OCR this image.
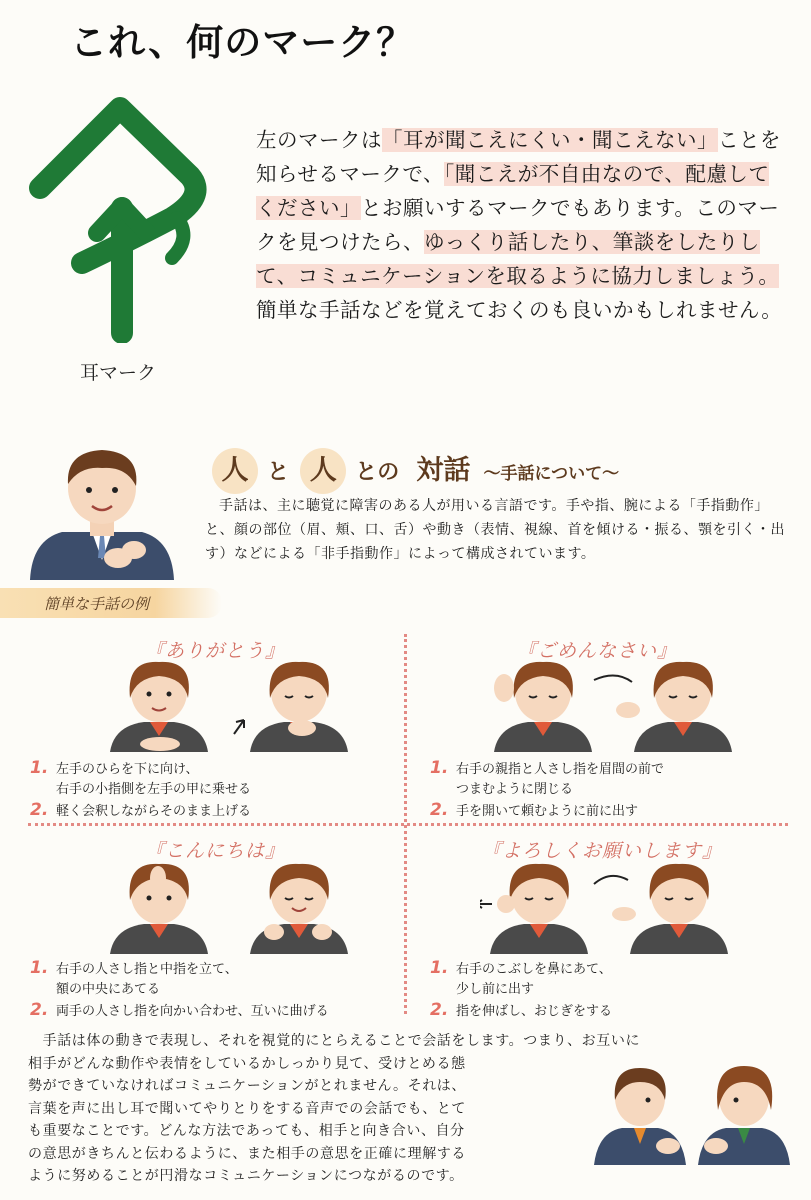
これ、何のマーク？
耳マーク
左のマークは「耳が聞こえにくい・聞こえない」ことを知らせるマークで、「聞こえが不自由なので、配慮してください」とお願いするマークでもあります。このマークを見つけたら、ゆっくり話したり、筆談をしたりして、コミュニケーションを取るように協力しましょう。簡単な手話などを覚えておくのも良いかもしれません。
人 と 人 との 対話 ～手話について～
手話は、主に聴覚に障害のある人が用いる言語です。手や指、腕による「手指動作」と、顔の部位（眉、頬、口、舌）や動き（表情、視線、首を傾ける・振る、顎を引く・出す）などによる「非手指動作」によって構成されています。
簡単な手話の例
『ありがとう』
1. 左手のひらを下に向け、
右手の小指側を左手の甲に乗せる
2. 軽く会釈しながらそのまま上げる
『ごめんなさい』
1. 右手の親指と人さし指を眉間の前で
つまむように閉じる
2. 手を開いて頼むように前に出す
『こんにちは』
1. 右手の人さし指と中指を立て、
額の中央にあてる
2. 両手の人さし指を向かい合わせ、互いに曲げる
『よろしくお願いします』
1. 右手のこぶしを鼻にあて、
少し前に出す
2. 指を伸ばし、おじぎをする
　手話は体の動きで表現し、それを視覚的にとらえることで会話をします。つまり、お互いに
相手がどんな動作や表情をしているかしっかり見て、受けとめる態
勢ができていなければコミュニケーションがとれません。それは、
言葉を声に出し耳で聞いてやりとりをする音声での会話でも、とて
も重要なことです。どんな方法であっても、相手と向き合い、自分
の意思がきちんと伝わるように、また相手の意思を正確に理解する
ように努めることが円滑なコミュニケーションにつながるのです。
